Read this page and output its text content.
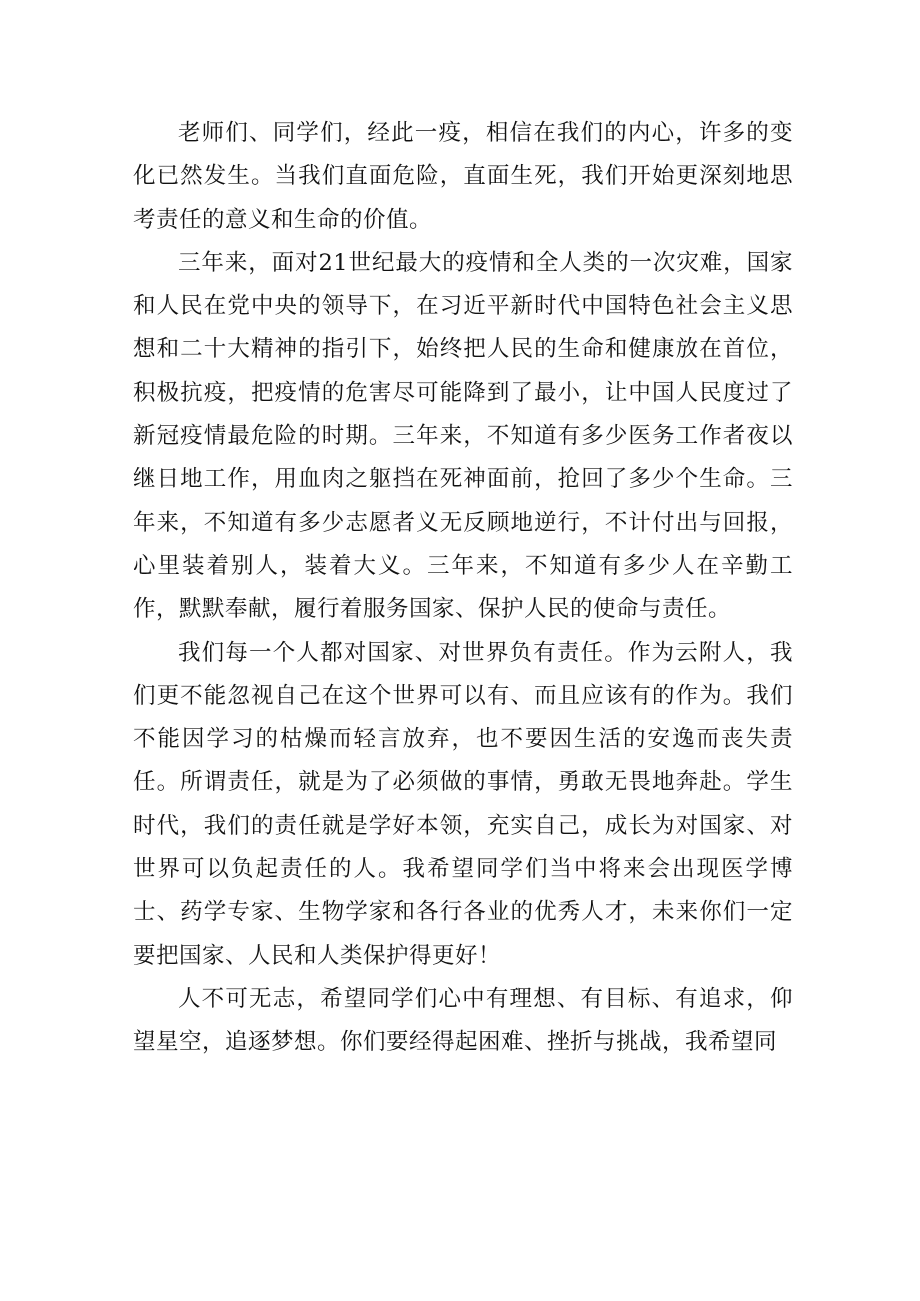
老师们、同学们，经此一疫，相信在我们的内心，许多的变化已然发生。当我们直面危险，直面生死，我们开始更深刻地思考责任的意义和生命的价值。

三年来，面对21世纪最大的疫情和全人类的一次灾难，国家和人民在党中央的领导下，在习近平新时代中国特色社会主义思想和二十大精神的指引下，始终把人民的生命和健康放在首位，积极抗疫，把疫情的危害尽可能降到了最小，让中国人民度过了新冠疫情最危险的时期。三年来，不知道有多少医务工作者夜以继日地工作，用血肉之躯挡在死神面前，抢回了多少个生命。三年来，不知道有多少志愿者义无反顾地逆行，不计付出与回报，心里装着别人，装着大义。三年来，不知道有多少人在辛勤工作，默默奉献，履行着服务国家、保护人民的使命与责任。

我们每一个人都对国家、对世界负有责任。作为云附人，我们更不能忽视自己在这个世界可以有、而且应该有的作为。我们不能因学习的枯燥而轻言放弃，也不要因生活的安逸而丧失责任。所谓责任，就是为了必须做的事情，勇敢无畏地奔赴。学生时代，我们的责任就是学好本领，充实自己，成长为对国家、对世界可以负起责任的人。我希望同学们当中将来会出现医学博士、药学专家、生物学家和各行各业的优秀人才，未来你们一定要把国家、人民和人类保护得更好！

人不可无志，希望同学们心中有理想、有目标、有追求，仰望星空，追逐梦想。你们要经得起困难、挫折与挑战，我希望同
